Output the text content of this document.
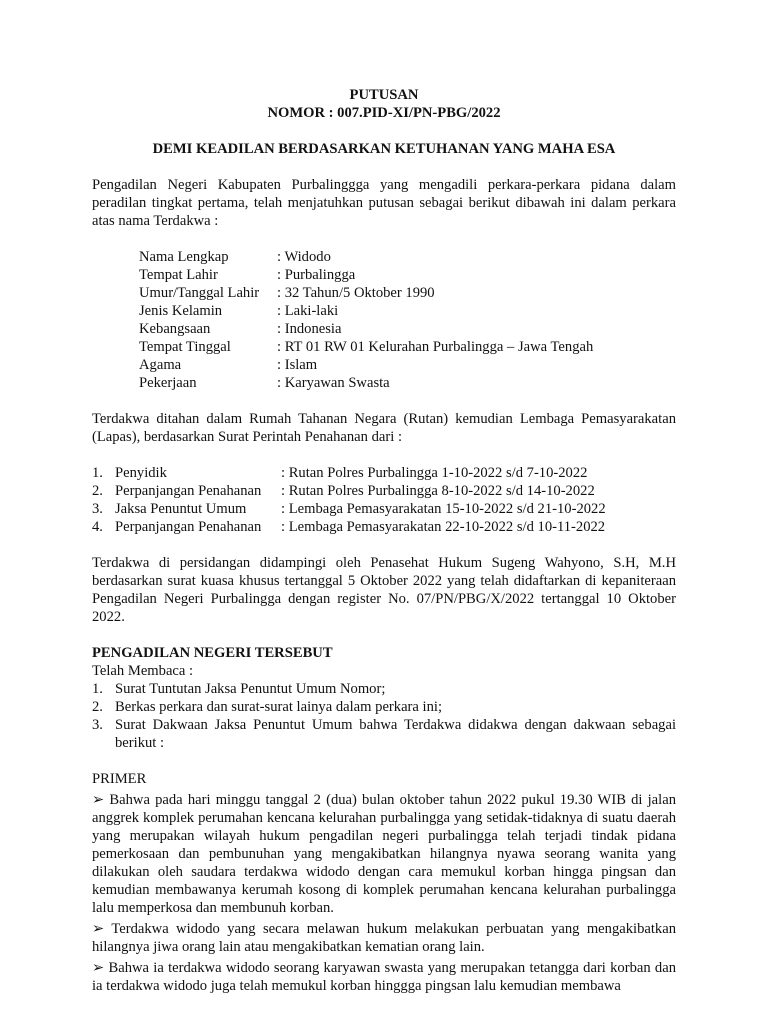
PUTUSAN
NOMOR : 007.PID-XI/PN-PBG/2022
DEMI KEADILAN BERDASARKAN KETUHANAN YANG MAHA ESA

Pengadilan Negeri Kabupaten Purbalinggga yang mengadili perkara-perkara pidana dalam peradilan tingkat pertama, telah menjatuhkan putusan sebagai berikut dibawah ini dalam perkara atas nama Terdakwa :

Nama Lengkap	: Widodo
Tempat Lahir	: Purbalingga
Umur/Tanggal Lahir	: 32 Tahun/5 Oktober 1990
Jenis Kelamin	: Laki-laki
Kebangsaan	: Indonesia
Tempat Tinggal	: RT 01 RW 01 Kelurahan Purbalingga – Jawa Tengah
Agama	: Islam
Pekerjaan	: Karyawan Swasta

Terdakwa ditahan dalam Rumah Tahanan Negara (Rutan) kemudian Lembaga Pemasyarakatan (Lapas), berdasarkan Surat Perintah Penahanan dari :

1. Penyidik	: Rutan Polres Purbalingga 1-10-2022 s/d 7-10-2022
2. Perpanjangan Penahanan	: Rutan Polres Purbalingga 8-10-2022 s/d 14-10-2022
3. Jaksa Penuntut Umum	: Lembaga Pemasyarakatan 15-10-2022 s/d 21-10-2022
4. Perpanjangan Penahanan	: Lembaga Pemasyarakatan 22-10-2022 s/d 10-11-2022

Terdakwa di persidangan didampingi oleh Penasehat Hukum Sugeng Wahyono, S.H, M.H berdasarkan surat kuasa khusus tertanggal 5 Oktober 2022 yang telah didaftarkan di kepaniteraan Pengadilan Negeri Purbalingga dengan register No. 07/PN/PBG/X/2022 tertanggal 10 Oktober 2022.

PENGADILAN NEGERI TERSEBUT
Telah Membaca :
1. Surat Tuntutan Jaksa Penuntut Umum Nomor;
2. Berkas perkara dan surat-surat lainya dalam perkara ini;
3. Surat Dakwaan Jaksa Penuntut Umum bahwa Terdakwa didakwa dengan dakwaan sebagai berikut :
PRIMER

➢ Bahwa pada hari minggu tanggal 2 (dua) bulan oktober tahun 2022 pukul 19.30 WIB di jalan anggrek komplek perumahan kencana kelurahan purbalingga yang setidak-tidaknya di suatu daerah yang merupakan wilayah hukum pengadilan negeri purbalingga telah terjadi tindak pidana pemerkosaan dan pembunuhan yang mengakibatkan hilangnya nyawa seorang wanita yang dilakukan oleh saudara terdakwa widodo dengan cara memukul korban hingga pingsan dan kemudian membawanya kerumah kosong di komplek perumahan kencana kelurahan purbalingga lalu memperkosa dan membunuh korban.

➢ Terdakwa widodo yang secara melawan hukum melakukan perbuatan yang mengakibatkan hilangnya jiwa orang lain atau mengakibatkan kematian orang lain.

➢ Bahwa ia terdakwa widodo seorang karyawan swasta yang merupakan tetangga dari korban dan ia terdakwa widodo juga telah memukul korban hinggga pingsan lalu kemudian membawa
